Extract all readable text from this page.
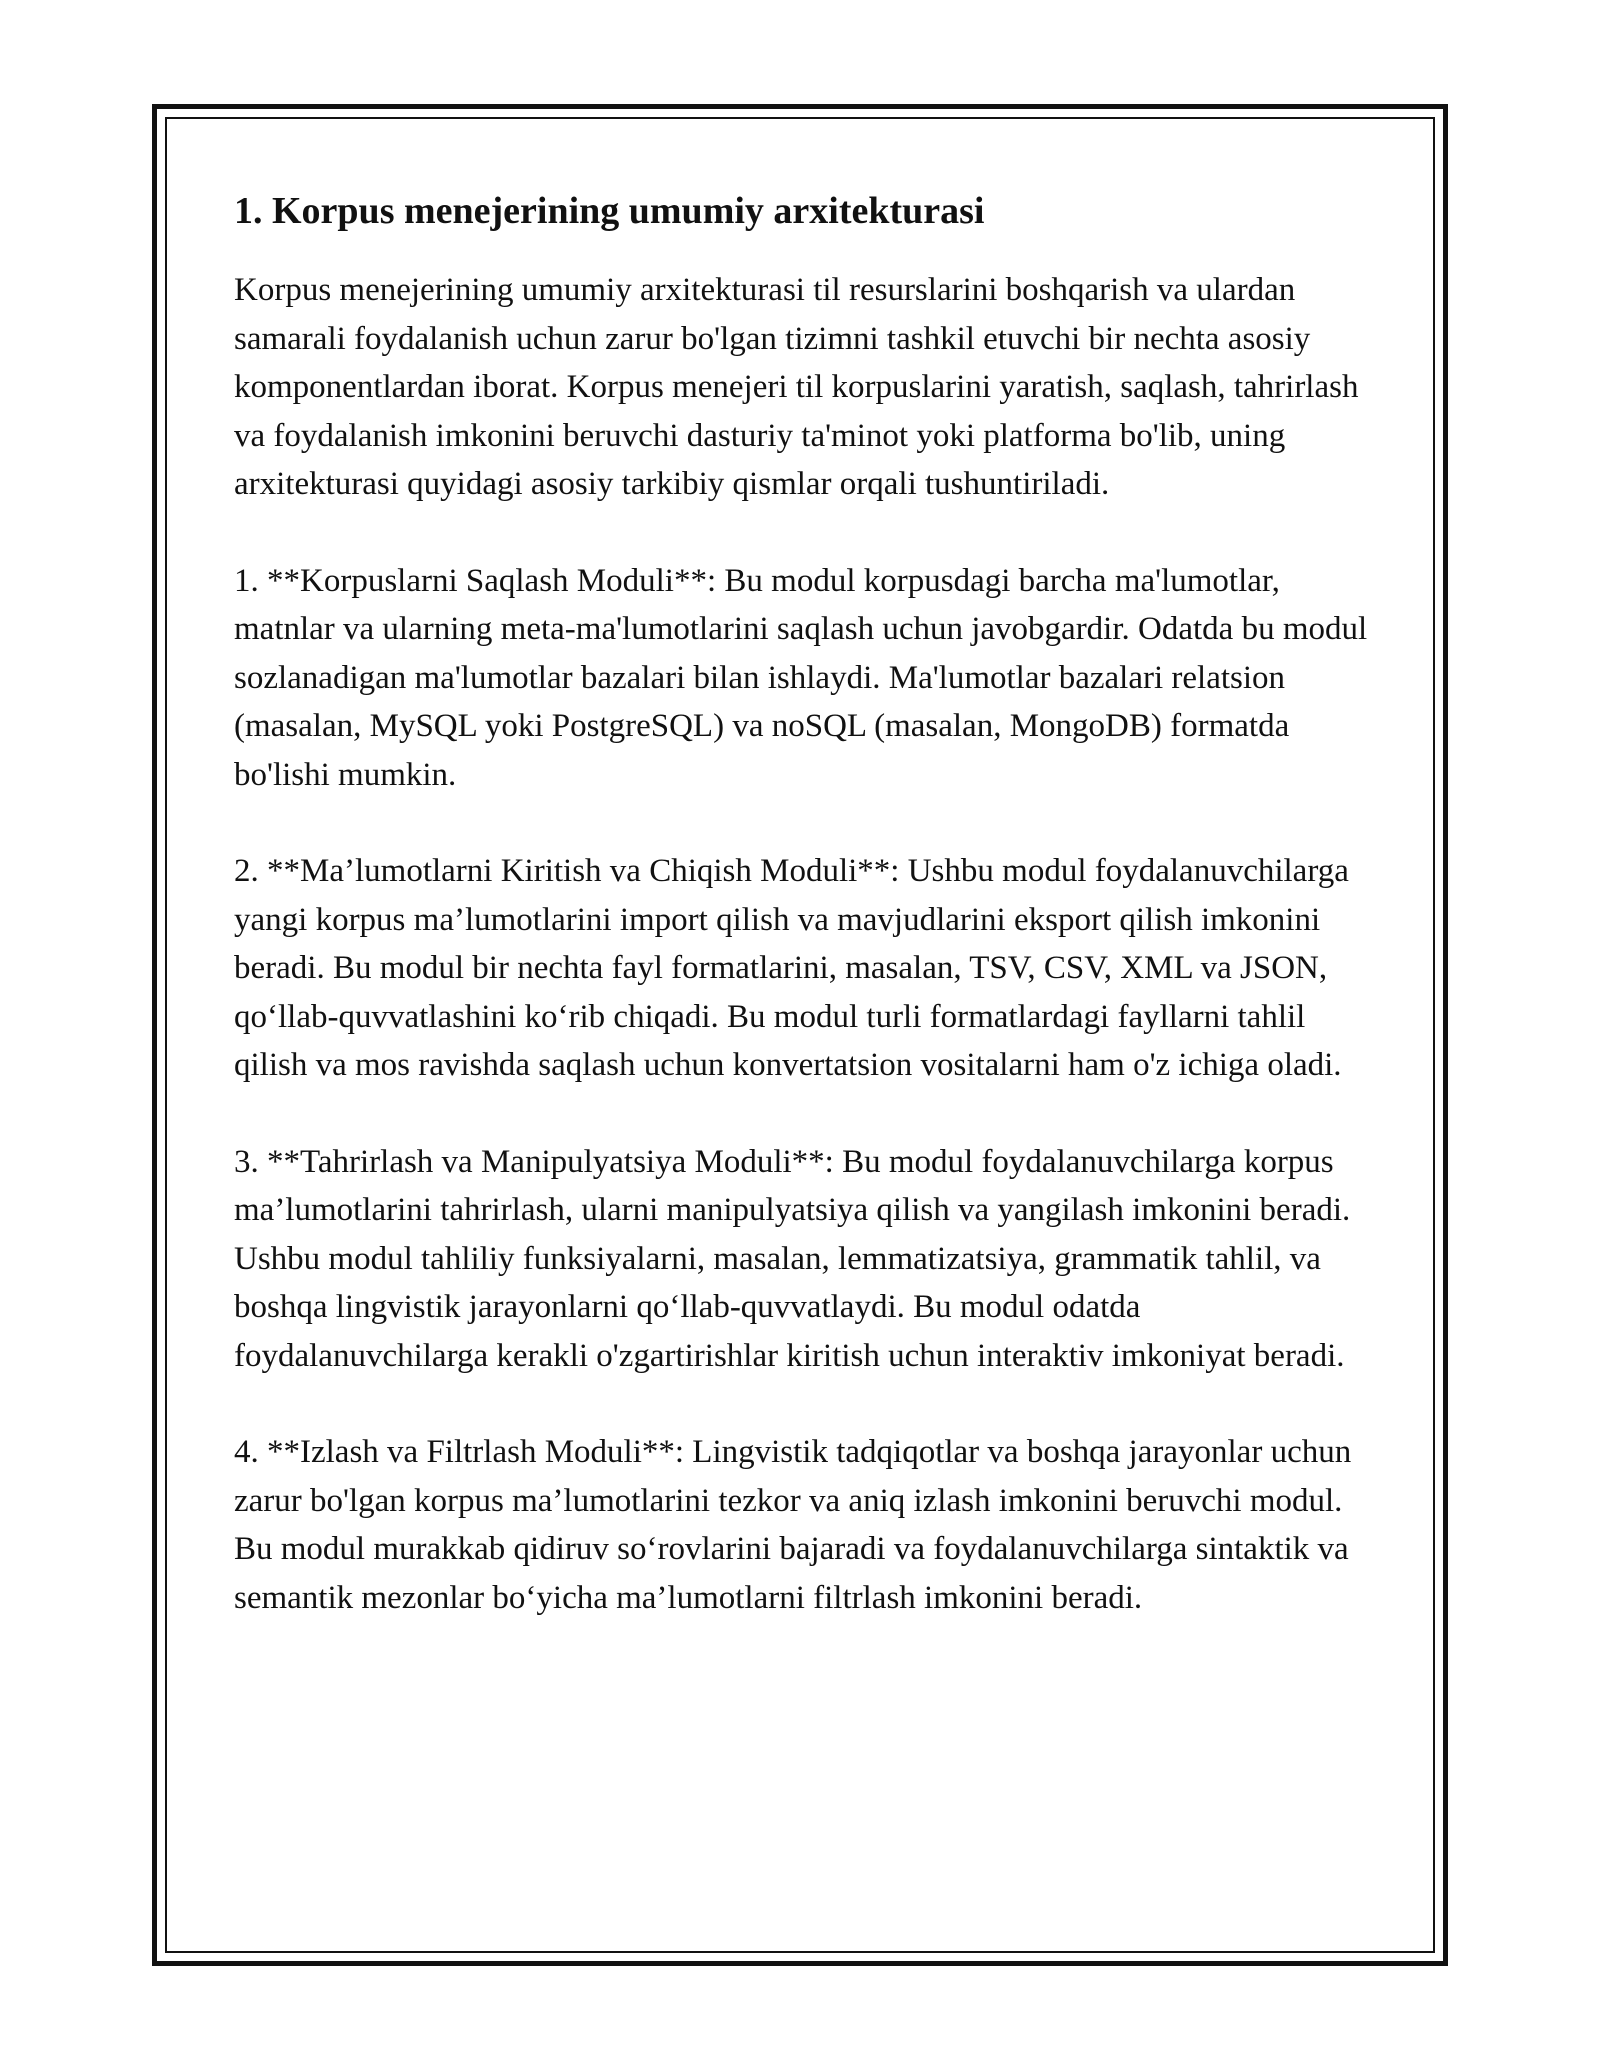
1. Korpus menejerining umumiy arxitekturasi

Korpus menejerining umumiy arxitekturasi til resurslarini boshqarish va ulardan samarali foydalanish uchun zarur bo'lgan tizimni tashkil etuvchi bir nechta asosiy komponentlardan iborat. Korpus menejeri til korpuslarini yaratish, saqlash, tahrirlash va foydalanish imkonini beruvchi dasturiy ta'minot yoki platforma bo'lib, uning arxitekturasi quyidagi asosiy tarkibiy qismlar orqali tushuntiriladi.

1. **Korpuslarni Saqlash Moduli**: Bu modul korpusdagi barcha ma'lumotlar, matnlar va ularning meta-ma'lumotlarini saqlash uchun javobgardir. Odatda bu modul sozlanadigan ma'lumotlar bazalari bilan ishlaydi. Ma'lumotlar bazalari relatsion (masalan, MySQL yoki PostgreSQL) va noSQL (masalan, MongoDB) formatda bo'lishi mumkin.

2. **Ma’lumotlarni Kiritish va Chiqish Moduli**: Ushbu modul foydalanuvchilarga yangi korpus ma’lumotlarini import qilish va mavjudlarini eksport qilish imkonini beradi. Bu modul bir nechta fayl formatlarini, masalan, TSV, CSV, XML va JSON, qo‘llab-quvvatlashini ko‘rib chiqadi. Bu modul turli formatlardagi fayllarni tahlil qilish va mos ravishda saqlash uchun konvertatsion vositalarni ham o'z ichiga oladi.

3. **Tahrirlash va Manipulyatsiya Moduli**: Bu modul foydalanuvchilarga korpus ma’lumotlarini tahrirlash, ularni manipulyatsiya qilish va yangilash imkonini beradi. Ushbu modul tahliliy funksiyalarni, masalan, lemmatizatsiya, grammatik tahlil, va boshqa lingvistik jarayonlarni qo‘llab-quvvatlaydi. Bu modul odatda foydalanuvchilarga kerakli o'zgartirishlar kiritish uchun interaktiv imkoniyat beradi.

4. **Izlash va Filtrlash Moduli**: Lingvistik tadqiqotlar va boshqa jarayonlar uchun zarur bo'lgan korpus ma’lumotlarini tezkor va aniq izlash imkonini beruvchi modul. Bu modul murakkab qidiruv so‘rovlarini bajaradi va foydalanuvchilarga sintaktik va semantik mezonlar bo‘yicha ma’lumotlarni filtrlash imkonini beradi.
